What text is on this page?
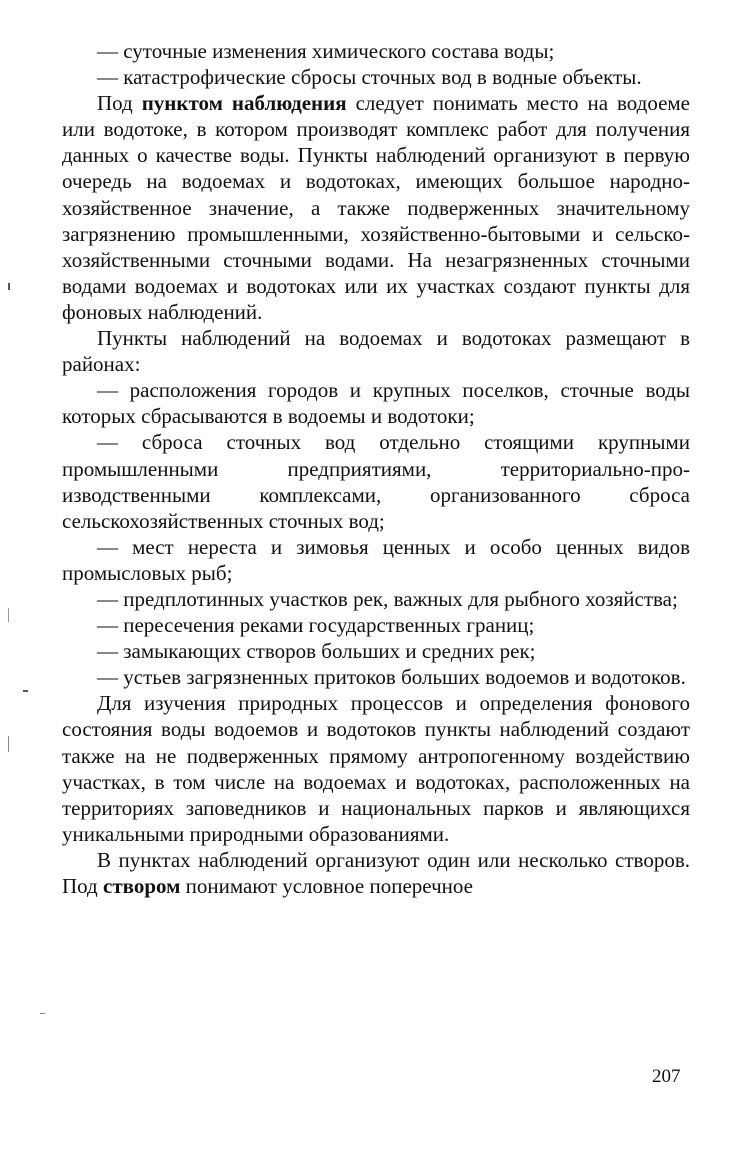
— суточные изменения химического состава воды;

— катастрофические сбросы сточных вод в водные объекты.

Под пунктом наблюдения следует понимать место на водоеме или водотоке, в котором производят комплекс работ для получения данных о качестве воды. Пункты наблюдений организуют в первую очередь на водоемах и водотоках, имеющих большое народно-хозяйственное значение, а также подверженных значительному загрязнению промышленными, хозяйственно-бытовыми и сельскохозяйственными сточными водами. На незагрязненных сточными водами водоемах и водотоках или их участках создают пункты для фоновых наблюдений.

Пункты наблюдений на водоемах и водотоках размещают в районах:

— расположения городов и крупных поселков, сточные воды которых сбрасываются в водоемы и водотоки;

— сброса сточных вод отдельно стоящими крупными промышленными предприятиями, территориально-производственными комплексами, организованного сброса сельскохозяйственных сточных вод;

— мест нереста и зимовья ценных и особо ценных видов промысловых рыб;

— предплотинных участков рек, важных для рыбного хозяйства;

— пересечения реками государственных границ;

— замыкающих створов больших и средних рек;

— устьев загрязненных притоков больших водоемов и водотоков.

Для изучения природных процессов и определения фонового состояния воды водоемов и водотоков пункты наблюдений создают также на не подверженных прямому антропогенному воздействию участках, в том числе на водоемах и водотоках, расположенных на территориях заповедников и национальных парков и являющихся уникальными природными образованиями.

В пунктах наблюдений организуют один или несколько створов. Под створом понимают условное поперечное

207
